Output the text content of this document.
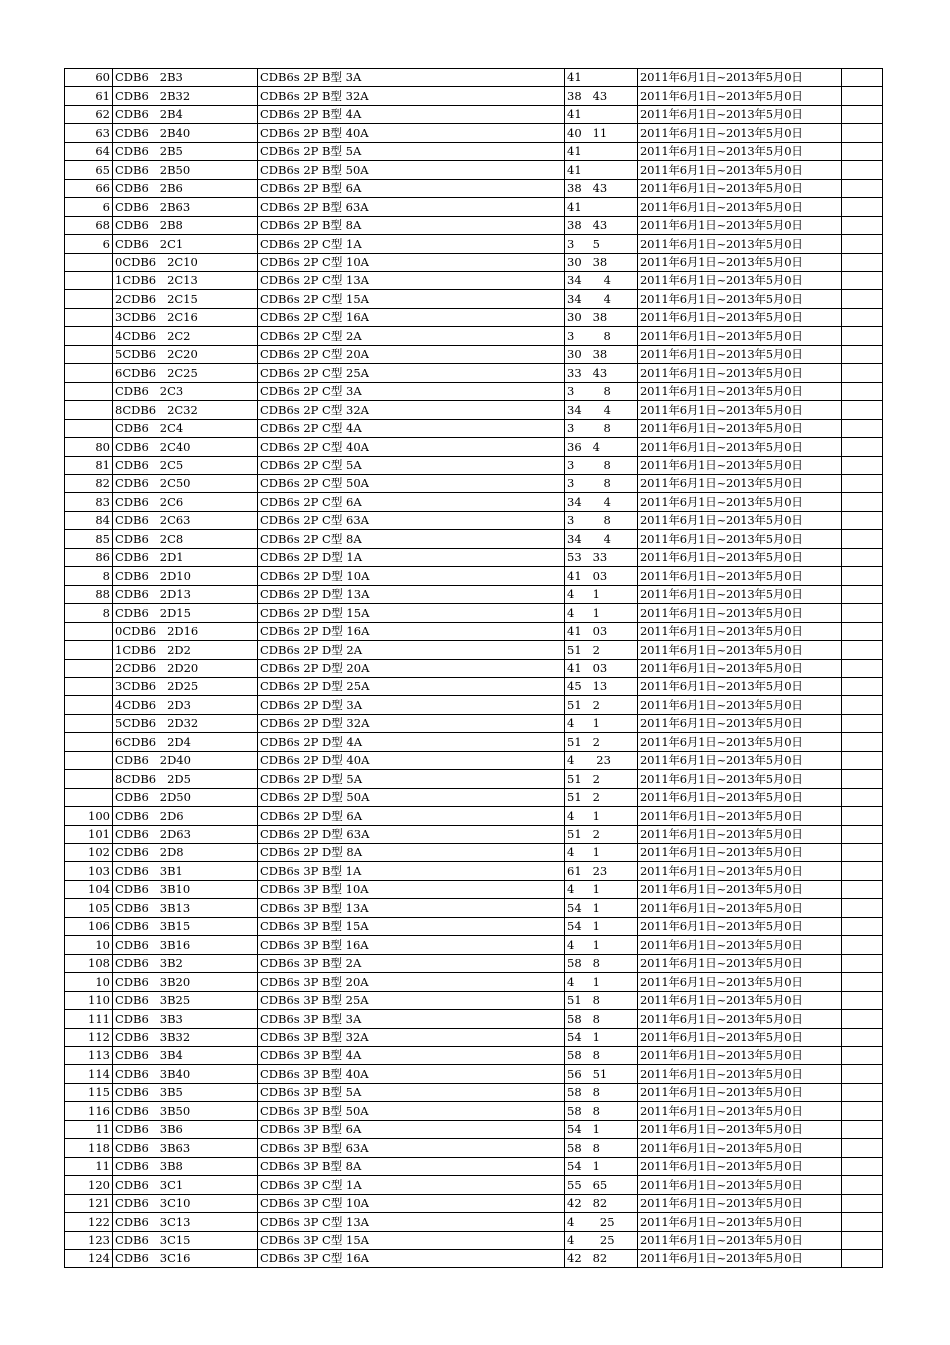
60	CDB6   2B3	CDB6s 2P B型 3A	41	2011年6月1日~2013年5月0日	
61	CDB6   2B32	CDB6s 2P B型 32A	38   43	2011年6月1日~2013年5月0日	
62	CDB6   2B4	CDB6s 2P B型 4A	41	2011年6月1日~2013年5月0日	
63	CDB6   2B40	CDB6s 2P B型 40A	40   11	2011年6月1日~2013年5月0日	
64	CDB6   2B5	CDB6s 2P B型 5A	41	2011年6月1日~2013年5月0日	
65	CDB6   2B50	CDB6s 2P B型 50A	41	2011年6月1日~2013年5月0日	
66	CDB6   2B6	CDB6s 2P B型 6A	38   43	2011年6月1日~2013年5月0日	
6	CDB6   2B63	CDB6s 2P B型 63A	41	2011年6月1日~2013年5月0日	
68	CDB6   2B8	CDB6s 2P B型 8A	38   43	2011年6月1日~2013年5月0日	
6	CDB6   2C1	CDB6s 2P C型 1A	3     5	2011年6月1日~2013年5月0日	
	0CDB6   2C10	CDB6s 2P C型 10A	30   38	2011年6月1日~2013年5月0日	
	1CDB6   2C13	CDB6s 2P C型 13A	34      4	2011年6月1日~2013年5月0日	
	2CDB6   2C15	CDB6s 2P C型 15A	34      4	2011年6月1日~2013年5月0日	
	3CDB6   2C16	CDB6s 2P C型 16A	30   38	2011年6月1日~2013年5月0日	
	4CDB6   2C2	CDB6s 2P C型 2A	3        8	2011年6月1日~2013年5月0日	
	5CDB6   2C20	CDB6s 2P C型 20A	30   38	2011年6月1日~2013年5月0日	
	6CDB6   2C25	CDB6s 2P C型 25A	33   43	2011年6月1日~2013年5月0日	
	CDB6   2C3	CDB6s 2P C型 3A	3        8	2011年6月1日~2013年5月0日	
	8CDB6   2C32	CDB6s 2P C型 32A	34      4	2011年6月1日~2013年5月0日	
	CDB6   2C4	CDB6s 2P C型 4A	3        8	2011年6月1日~2013年5月0日	
80	CDB6   2C40	CDB6s 2P C型 40A	36   4	2011年6月1日~2013年5月0日	
81	CDB6   2C5	CDB6s 2P C型 5A	3        8	2011年6月1日~2013年5月0日	
82	CDB6   2C50	CDB6s 2P C型 50A	3        8	2011年6月1日~2013年5月0日	
83	CDB6   2C6	CDB6s 2P C型 6A	34      4	2011年6月1日~2013年5月0日	
84	CDB6   2C63	CDB6s 2P C型 63A	3        8	2011年6月1日~2013年5月0日	
85	CDB6   2C8	CDB6s 2P C型 8A	34      4	2011年6月1日~2013年5月0日	
86	CDB6   2D1	CDB6s 2P D型 1A	53   33	2011年6月1日~2013年5月0日	
8	CDB6   2D10	CDB6s 2P D型 10A	41   03	2011年6月1日~2013年5月0日	
88	CDB6   2D13	CDB6s 2P D型 13A	4     1	2011年6月1日~2013年5月0日	
8	CDB6   2D15	CDB6s 2P D型 15A	4     1	2011年6月1日~2013年5月0日	
	0CDB6   2D16	CDB6s 2P D型 16A	41   03	2011年6月1日~2013年5月0日	
	1CDB6   2D2	CDB6s 2P D型 2A	51   2	2011年6月1日~2013年5月0日	
	2CDB6   2D20	CDB6s 2P D型 20A	41   03	2011年6月1日~2013年5月0日	
	3CDB6   2D25	CDB6s 2P D型 25A	45   13	2011年6月1日~2013年5月0日	
	4CDB6   2D3	CDB6s 2P D型 3A	51   2	2011年6月1日~2013年5月0日	
	5CDB6   2D32	CDB6s 2P D型 32A	4     1	2011年6月1日~2013年5月0日	
	6CDB6   2D4	CDB6s 2P D型 4A	51   2	2011年6月1日~2013年5月0日	
	CDB6   2D40	CDB6s 2P D型 40A	4      23	2011年6月1日~2013年5月0日	
	8CDB6   2D5	CDB6s 2P D型 5A	51   2	2011年6月1日~2013年5月0日	
	CDB6   2D50	CDB6s 2P D型 50A	51   2	2011年6月1日~2013年5月0日	
100	CDB6   2D6	CDB6s 2P D型 6A	4     1	2011年6月1日~2013年5月0日	
101	CDB6   2D63	CDB6s 2P D型 63A	51   2	2011年6月1日~2013年5月0日	
102	CDB6   2D8	CDB6s 2P D型 8A	4     1	2011年6月1日~2013年5月0日	
103	CDB6   3B1	CDB6s 3P B型 1A	61   23	2011年6月1日~2013年5月0日	
104	CDB6   3B10	CDB6s 3P B型 10A	4     1	2011年6月1日~2013年5月0日	
105	CDB6   3B13	CDB6s 3P B型 13A	54   1	2011年6月1日~2013年5月0日	
106	CDB6   3B15	CDB6s 3P B型 15A	54   1	2011年6月1日~2013年5月0日	
10	CDB6   3B16	CDB6s 3P B型 16A	4     1	2011年6月1日~2013年5月0日	
108	CDB6   3B2	CDB6s 3P B型 2A	58   8	2011年6月1日~2013年5月0日	
10	CDB6   3B20	CDB6s 3P B型 20A	4     1	2011年6月1日~2013年5月0日	
110	CDB6   3B25	CDB6s 3P B型 25A	51   8	2011年6月1日~2013年5月0日	
111	CDB6   3B3	CDB6s 3P B型 3A	58   8	2011年6月1日~2013年5月0日	
112	CDB6   3B32	CDB6s 3P B型 32A	54   1	2011年6月1日~2013年5月0日	
113	CDB6   3B4	CDB6s 3P B型 4A	58   8	2011年6月1日~2013年5月0日	
114	CDB6   3B40	CDB6s 3P B型 40A	56   51	2011年6月1日~2013年5月0日	
115	CDB6   3B5	CDB6s 3P B型 5A	58   8	2011年6月1日~2013年5月0日	
116	CDB6   3B50	CDB6s 3P B型 50A	58   8	2011年6月1日~2013年5月0日	
11	CDB6   3B6	CDB6s 3P B型 6A	54   1	2011年6月1日~2013年5月0日	
118	CDB6   3B63	CDB6s 3P B型 63A	58   8	2011年6月1日~2013年5月0日	
11	CDB6   3B8	CDB6s 3P B型 8A	54   1	2011年6月1日~2013年5月0日	
120	CDB6   3C1	CDB6s 3P C型 1A	55   65	2011年6月1日~2013年5月0日	
121	CDB6   3C10	CDB6s 3P C型 10A	42   82	2011年6月1日~2013年5月0日	
122	CDB6   3C13	CDB6s 3P C型 13A	4       25	2011年6月1日~2013年5月0日	
123	CDB6   3C15	CDB6s 3P C型 15A	4       25	2011年6月1日~2013年5月0日	
124	CDB6   3C16	CDB6s 3P C型 16A	42   82	2011年6月1日~2013年5月0日	
